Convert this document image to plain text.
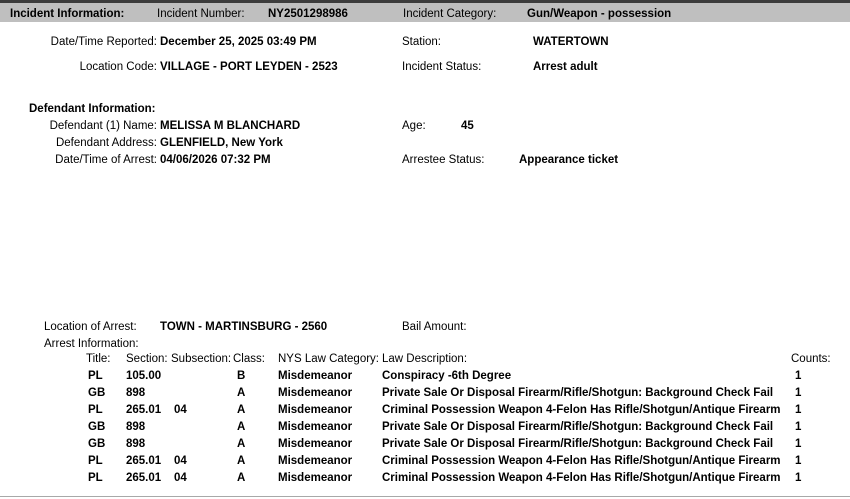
Incident Information:	Incident Number: NY2501298986	Incident Category:	Gun/Weapon - possession
Date/Time Reported: December 25, 2025 03:49 PM	Station:	WATERTOWN
Location Code: VILLAGE - PORT LEYDEN - 2523	Incident Status:	Arrest adult
Defendant Information:
Defendant (1) Name: MELISSA M BLANCHARD	Age:	45
Defendant Address: GLENFIELD, New York
Date/Time of Arrest: 04/06/2026 07:32 PM	Arrestee Status:	Appearance ticket
Location of Arrest: TOWN - MARTINSBURG - 2560	Bail Amount:
Arrest Information:
Title: Section: Subsection: Class: NYS Law Category: Law Description:	Counts:
PL 105.00	B	Misdemeanor	Conspiracy -6th Degree	1
GB 898	A	Misdemeanor	Private Sale Or Disposal Firearm/Rifle/Shotgun: Background Check Fail 1
PL 265.01 04	A	Misdemeanor	Criminal Possession Weapon 4-Felon Has Rifle/Shotgun/Antique Firearm 1
GB 898	A	Misdemeanor	Private Sale Or Disposal Firearm/Rifle/Shotgun: Background Check Fail 1
GB 898	A	Misdemeanor	Private Sale Or Disposal Firearm/Rifle/Shotgun: Background Check Fail 1
PL 265.01 04	A	Misdemeanor	Criminal Possession Weapon 4-Felon Has Rifle/Shotgun/Antique Firearm 1
PL 265.01 04	A	Misdemeanor	Criminal Possession Weapon 4-Felon Has Rifle/Shotgun/Antique Firearm 1
